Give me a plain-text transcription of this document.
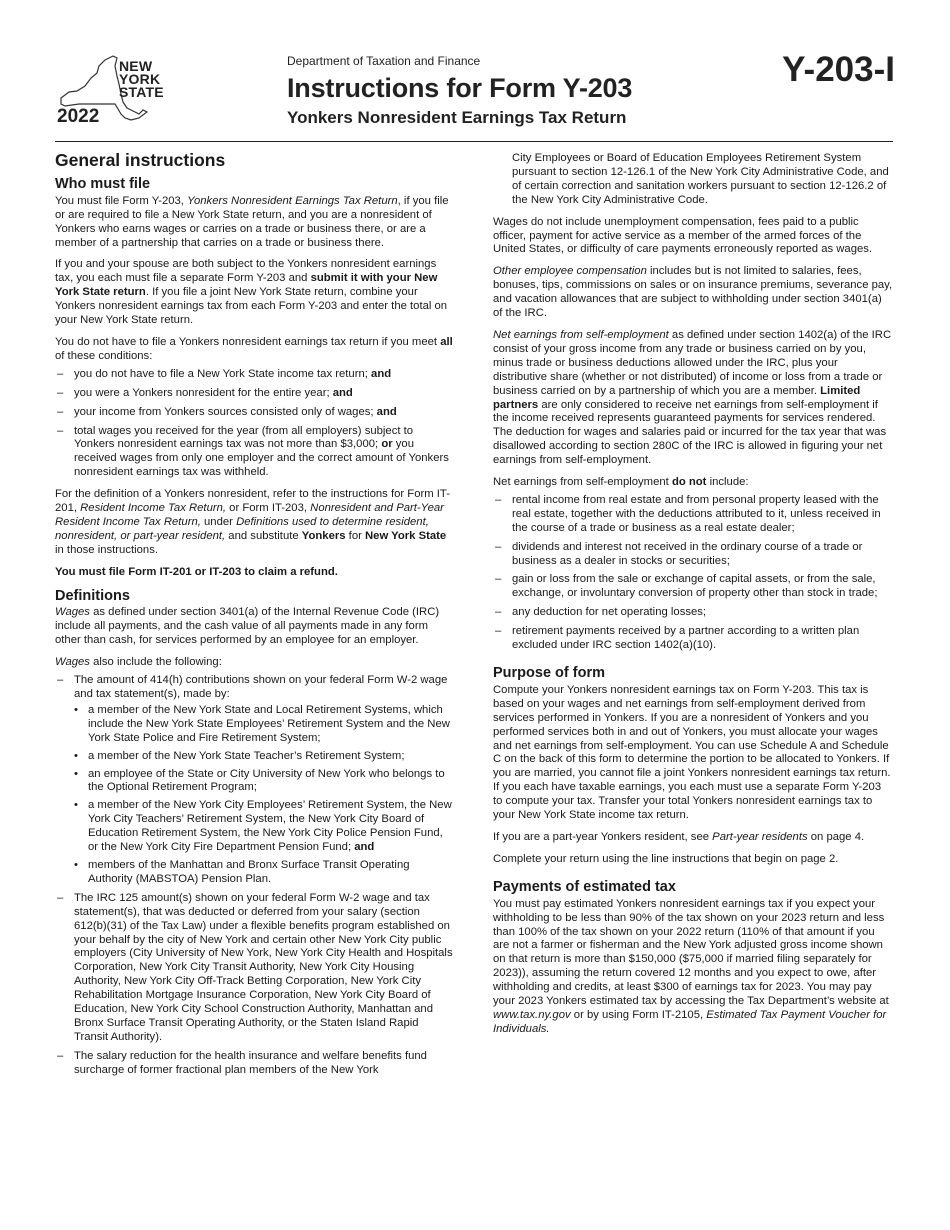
NEW
YORK
STATE
2022
Department of Taxation and Finance
Instructions for Form Y-203
Yonkers Nonresident Earnings Tax Return
Y-203-I
General instructions
Who must file

You must file Form Y-203, Yonkers Nonresident Earnings Tax Return, if you file or are required to file a New York State return, and you are a nonresident of Yonkers who earns wages or carries on a trade or business there, or are a member of a partnership that carries on a trade or business there.

If you and your spouse are both subject to the Yonkers nonresident earnings tax, you each must file a separate Form Y-203 and submit it with your New York State return. If you file a joint New York State return, combine your Yonkers nonresident earnings tax from each Form Y-203 and enter the total on your New York State return.

You do not have to file a Yonkers nonresident earnings tax return if you meet all of these conditions:

– you do not have to file a New York State income tax return; and
– you were a Yonkers nonresident for the entire year; and
– your income from Yonkers sources consisted only of wages; and
– total wages you received for the year (from all employers) subject to Yonkers nonresident earnings tax was not more than $3,000; or you received wages from only one employer and the correct amount of Yonkers nonresident earnings tax was withheld.

For the definition of a Yonkers nonresident, refer to the instructions for Form IT-201, Resident Income Tax Return, or Form IT-203, Nonresident and Part-Year Resident Income Tax Return, under Definitions used to determine resident, nonresident, or part-year resident, and substitute Yonkers for New York State in those instructions.

You must file Form IT-201 or IT-203 to claim a refund.

Definitions

Wages as defined under section 3401(a) of the Internal Revenue Code (IRC) include all payments, and the cash value of all payments made in any form other than cash, for services performed by an employee for an employer.

Wages also include the following:

– The amount of 414(h) contributions shown on your federal Form W-2 wage and tax statement(s), made by:
• a member of the New York State and Local Retirement Systems, which include the New York State Employees’ Retirement System and the New York State Police and Fire Retirement System;
• a member of the New York State Teacher’s Retirement System;
• an employee of the State or City University of New York who belongs to the Optional Retirement Program;
• a member of the New York City Employees’ Retirement System, the New York City Teachers’ Retirement System, the New York City Board of Education Retirement System, the New York City Police Pension Fund, or the New York City Fire Department Pension Fund; and
• members of the Manhattan and Bronx Surface Transit Operating Authority (MABSTOA) Pension Plan.
– The IRC 125 amount(s) shown on your federal Form W-2 wage and tax statement(s), that was deducted or deferred from your salary (section 612(b)(31) of the Tax Law) under a flexible benefits program established on your behalf by the city of New York and certain other New York City public employers (City University of New York, New York City Health and Hospitals Corporation, New York City Transit Authority, New York City Housing Authority, New York City Off-Track Betting Corporation, New York City Rehabilitation Mortgage Insurance Corporation, New York City Board of Education, New York City School Construction Authority, Manhattan and Bronx Surface Transit Operating Authority, or the Staten Island Rapid Transit Authority).
– The salary reduction for the health insurance and welfare benefits fund surcharge of former fractional plan members of the New York
City Employees or Board of Education Employees Retirement System pursuant to section 12-126.1 of the New York City Administrative Code, and of certain correction and sanitation workers pursuant to section 12-126.2 of the New York City Administrative Code.

Wages do not include unemployment compensation, fees paid to a public officer, payment for active service as a member of the armed forces of the United States, or difficulty of care payments erroneously reported as wages.

Other employee compensation includes but is not limited to salaries, fees, bonuses, tips, commissions on sales or on insurance premiums, severance pay, and vacation allowances that are subject to withholding under section 3401(a) of the IRC.

Net earnings from self-employment as defined under section 1402(a) of the IRC consist of your gross income from any trade or business carried on by you, minus trade or business deductions allowed under the IRC, plus your distributive share (whether or not distributed) of income or loss from a trade or business carried on by a partnership of which you are a member. Limited partners are only considered to receive net earnings from self-employment if the income received represents guaranteed payments for services rendered. The deduction for wages and salaries paid or incurred for the tax year that was disallowed according to section 280C of the IRC is allowed in figuring your net earnings from self-employment.

Net earnings from self-employment do not include:

– rental income from real estate and from personal property leased with the real estate, together with the deductions attributed to it, unless received in the course of a trade or business as a real estate dealer;
– dividends and interest not received in the ordinary course of a trade or business as a dealer in stocks or securities;
– gain or loss from the sale or exchange of capital assets, or from the sale, exchange, or involuntary conversion of property other than stock in trade;
– any deduction for net operating losses;
– retirement payments received by a partner according to a written plan excluded under IRC section 1402(a)(10).
Purpose of form

Compute your Yonkers nonresident earnings tax on Form Y-203. This tax is based on your wages and net earnings from self-employment derived from services performed in Yonkers. If you are a nonresident of Yonkers and you performed services both in and out of Yonkers, you must allocate your wages and net earnings from self-employment. You can use Schedule A and Schedule C on the back of this form to determine the portion to be allocated to Yonkers. If you are married, you cannot file a joint Yonkers nonresident earnings tax return. If you each have taxable earnings, you each must use a separate Form Y-203 to compute your tax. Transfer your total Yonkers nonresident earnings tax to your New York State income tax return.

If you are a part-year Yonkers resident, see Part-year residents on page 4.

Complete your return using the line instructions that begin on page 2.

Payments of estimated tax

You must pay estimated Yonkers nonresident earnings tax if you expect your withholding to be less than 90% of the tax shown on your 2023 return and less than 100% of the tax shown on your 2022 return (110% of that amount if you are not a farmer or fisherman and the New York adjusted gross income shown on that return is more than $150,000 ($75,000 if married filing separately for 2023)), assuming the return covered 12 months and you expect to owe, after withholding and credits, at least $300 of earnings tax for 2023. You may pay your 2023 Yonkers estimated tax by accessing the Tax Department’s website at www.tax.ny.gov or by using Form IT-2105, Estimated Tax Payment Voucher for Individuals.
